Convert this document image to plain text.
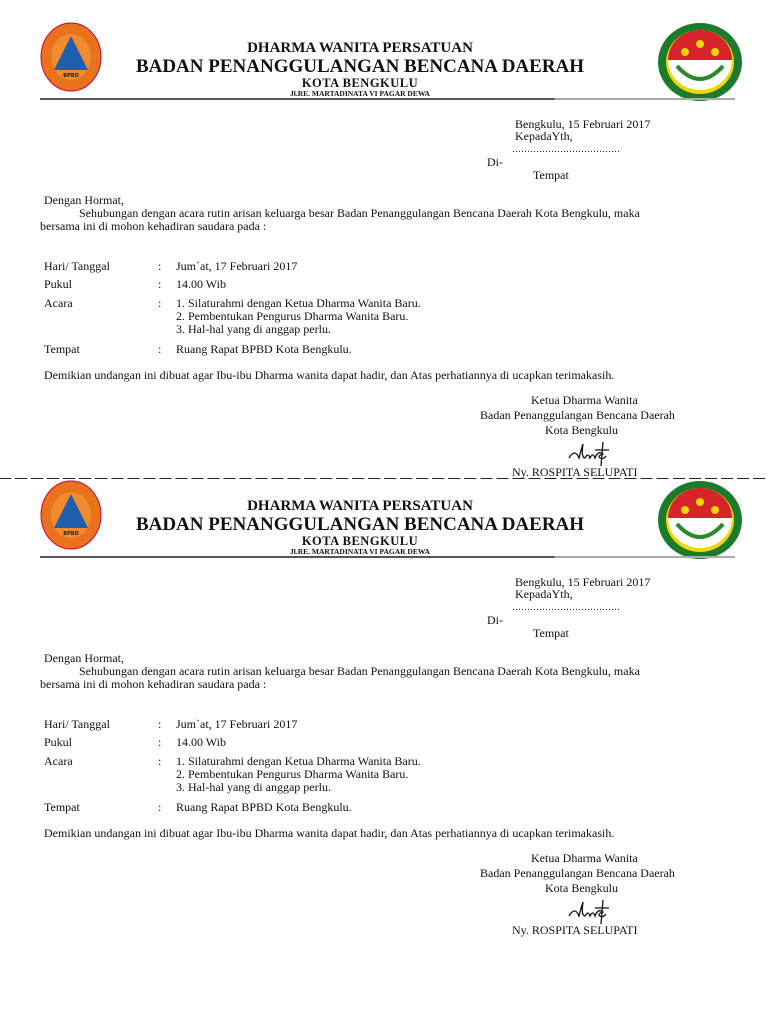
BPBD
DHARMA WANITA PERSATUAN
BADAN PENANGGULANGAN BENCANA DAERAH
KOTA BENGKULU
Jl.RE. MARTADINATA VI PAGAR DEWA
Bengkulu, 15 Februari 2017
KepadaYth,
………………………………
Di-
Tempat
Dengan Hormat,
Sehubungan dengan acara rutin arisan keluarga besar Badan Penanggulangan Bencana Daerah Kota Bengkulu, maka
bersama ini di mohon kehadiran saudara pada :
Hari/ Tanggal	: Jum`at, 17 Februari 2017
Pukul	: 14.00 Wib
Acara	: 1. Silaturahmi dengan Ketua Dharma Wanita Baru.
2. Pembentukan Pengurus Dharma Wanita Baru.
3. Hal-hal yang di anggap perlu.
Tempat	: Ruang Rapat BPBD Kota Bengkulu.
Demikian undangan ini dibuat agar Ibu-ibu Dharma wanita dapat hadir, dan Atas perhatiannya di ucapkan terimakasih.
Ketua Dharma Wanita
Badan Penanggulangan Bencana Daerah
Kota Bengkulu
Ny. ROSPITA SELUPATI
BPBD
DHARMA WANITA PERSATUAN
BADAN PENANGGULANGAN BENCANA DAERAH
KOTA BENGKULU
Jl.RE. MARTADINATA VI PAGAR DEWA
Bengkulu, 15 Februari 2017
KepadaYth,
………………………………
Di-
Tempat
Dengan Hormat,
Sehubungan dengan acara rutin arisan keluarga besar Badan Penanggulangan Bencana Daerah Kota Bengkulu, maka
bersama ini di mohon kehadiran saudara pada :
Hari/ Tanggal	: Jum`at, 17 Februari 2017
Pukul	: 14.00 Wib
Acara	: 1. Silaturahmi dengan Ketua Dharma Wanita Baru.
2. Pembentukan Pengurus Dharma Wanita Baru.
3. Hal-hal yang di anggap perlu.
Tempat	: Ruang Rapat BPBD Kota Bengkulu.
Demikian undangan ini dibuat agar Ibu-ibu Dharma wanita dapat hadir, dan Atas perhatiannya di ucapkan terimakasih.
Ketua Dharma Wanita
Badan Penanggulangan Bencana Daerah
Kota Bengkulu
Ny. ROSPITA SELUPATI
